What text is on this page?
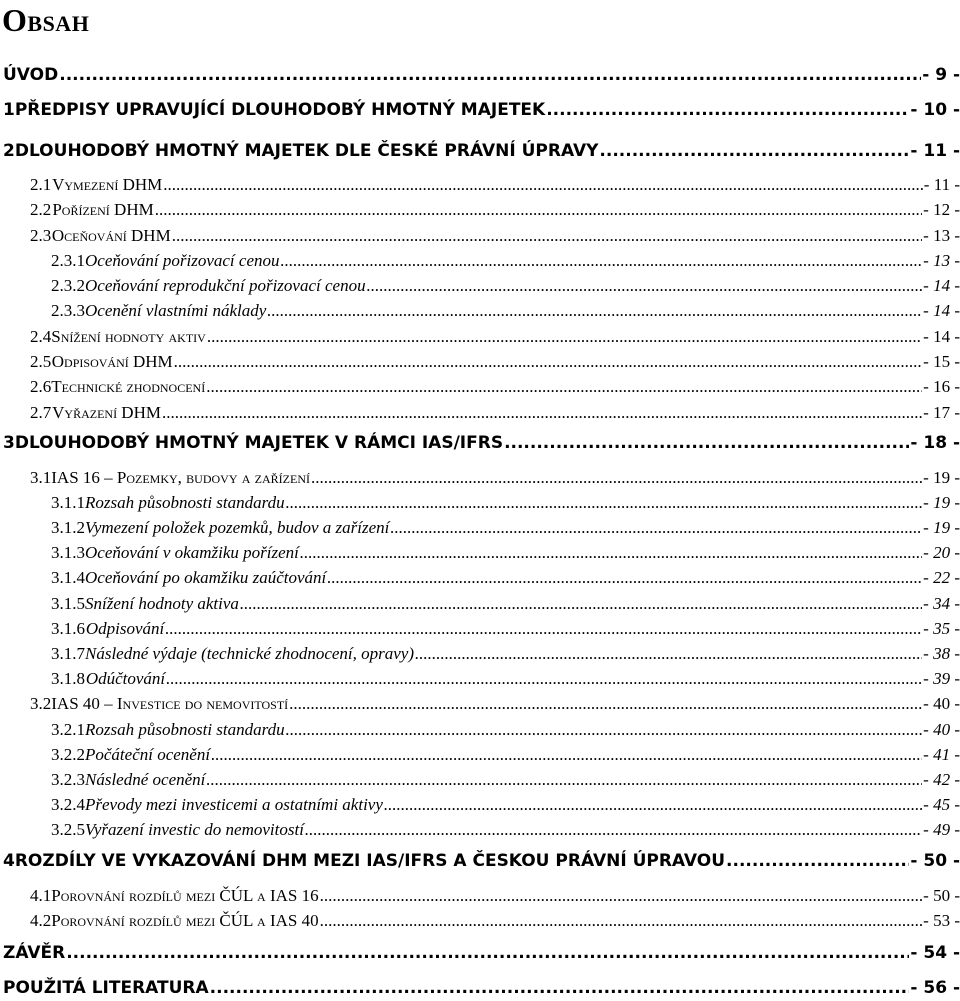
Obsah
ÚVOD .....	- 9 -
1 PŘEDPISY UPRAVUJÍCÍ DLOUHODOBÝ HMOTNÝ MAJETEK .....	- 10 -
2 DLOUHODOBÝ HMOTNÝ MAJETEK DLE ČESKÉ PRÁVNÍ ÚPRAVY .....	- 11 -
2.1 Vymezení DHM .....	- 11 -
2.2 Pořízení DHM .....	- 12 -
2.3 Oceňování DHM .....	- 13 -
2.3.1 Oceňování pořizovací cenou .....	- 13 -
2.3.2 Oceňování reprodukční pořizovací cenou .....	- 14 -
2.3.3 Ocenění vlastními náklady .....	- 14 -
2.4 Snížení hodnoty aktiv .....	- 14 -
2.5 Odpisování DHM .....	- 15 -
2.6 Technické zhodnocení .....	- 16 -
2.7 Vyřazení DHM .....	- 17 -
3 DLOUHODOBÝ HMOTNÝ MAJETEK V RÁMCI IAS/IFRS .....	- 18 -
3.1 IAS 16 – Pozemky, budovy a zařízení .....	- 19 -
3.1.1 Rozsah působnosti standardu .....	- 19 -
3.1.2 Vymezení položek pozemků, budov a zařízení .....	- 19 -
3.1.3 Oceňování v okamžiku pořízení .....	- 20 -
3.1.4 Oceňování po okamžiku zaúčtování .....	- 22 -
3.1.5 Snížení hodnoty aktiva .....	- 34 -
3.1.6 Odpisování .....	- 35 -
3.1.7 Následné výdaje (technické zhodnocení, opravy) .....	- 38 -
3.1.8 Odúčtování .....	- 39 -
3.2 IAS 40 – Investice do nemovitostí .....	- 40 -
3.2.1 Rozsah působnosti standardu .....	- 40 -
3.2.2 Počáteční ocenění .....	- 41 -
3.2.3 Následné ocenění .....	- 42 -
3.2.4 Převody mezi investicemi a ostatními aktivy .....	- 45 -
3.2.5 Vyřazení investic do nemovitostí .....	- 49 -
4 ROZDÍLY VE VYKAZOVÁNÍ DHM MEZI IAS/IFRS A ČESKOU PRÁVNÍ ÚPRAVOU .....	- 50 -
4.1 Porovnání rozdílů mezi ČÚL a IAS 16 .....	- 50 -
4.2 Porovnání rozdílů mezi ČÚL a IAS 40 .....	- 53 -
ZÁVĚR .....	- 54 -
POUŽITÁ LITERATURA .....	- 56 -
